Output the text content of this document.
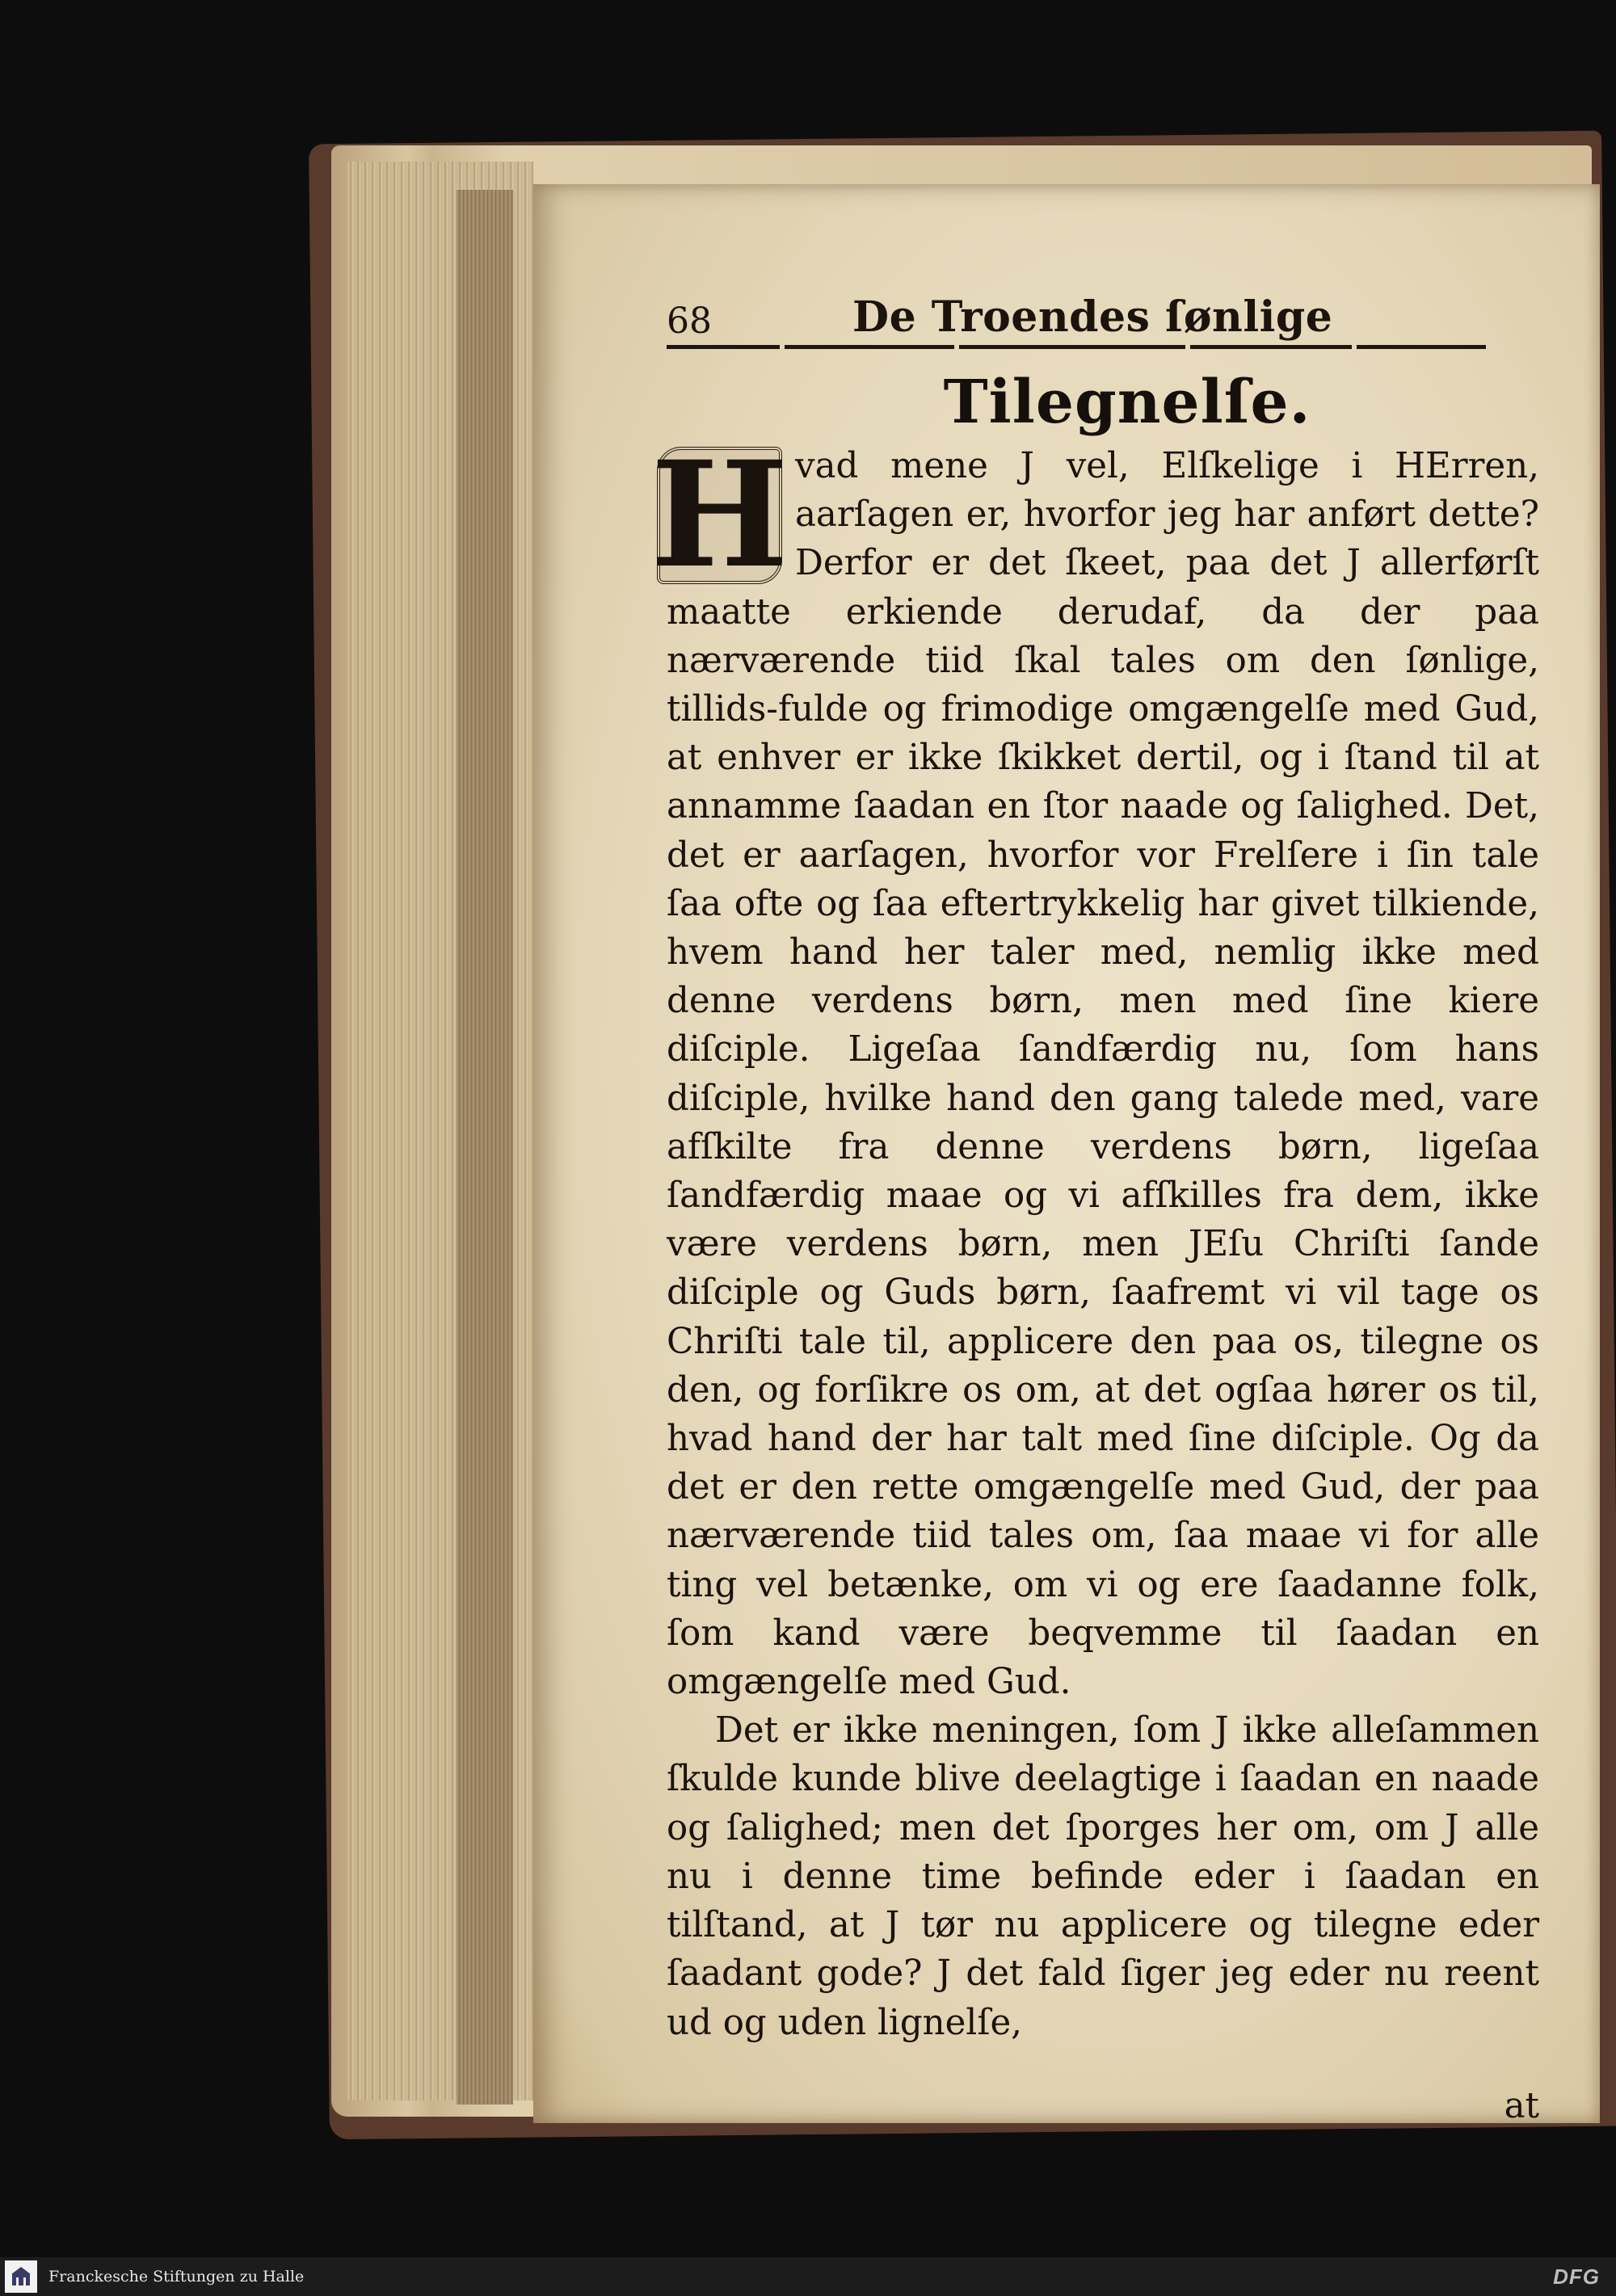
68	De Troendes ſønlige
Tilegnelſe.

H vad mene J vel, Elſkelige i HErren, aarſagen er, hvorfor jeg har anført dette? Derfor er det ſkeet, paa det J allerførſt maatte erkiende derudaf, da der paa nærværende tiid ſkal tales om den ſønlige, tillids-fulde og frimodige omgængelſe med Gud, at enhver er ikke ſkikket dertil, og i ſtand til at annamme ſaadan en ſtor naade og ſalighed. Det, det er aarſagen, hvorfor vor Frelſere i ſin tale ſaa ofte og ſaa eftertrykkelig har givet tilkiende, hvem hand her taler med, nemlig ikke med denne verdens børn, men med ſine kiere diſciple. Ligeſaa ſandfærdig nu, ſom hans diſciple, hvilke hand den gang talede med, vare afſkilte fra denne verdens børn, ligeſaa ſandfærdig maae og vi afſkilles fra dem, ikke være verdens børn, men JEſu Chriſti ſande diſciple og Guds børn, ſaafremt vi vil tage os Chriſti tale til, applicere den paa os, tilegne os den, og forſikre os om, at det ogſaa hører os til, hvad hand der har talt med ſine diſciple. Og da det er den rette omgængelſe med Gud, der paa nærværende tiid tales om, ſaa maae vi for alle ting vel betænke, om vi og ere ſaadanne folk, ſom kand være beqvemme til ſaadan en omgængelſe med Gud.

Det er ikke meningen, ſom J ikke alleſammen ſkulde kunde blive deelagtige i ſaadan en naade og ſalighed; men det ſporges her om, om J alle nu i denne time befinde eder i ſaadan en tilſtand, at J tør nu applicere og tilegne eder ſaadant gode? J det fald ſiger jeg eder nu reent ud og uden lignelſe,

at
Franckesche Stiftungen zu Halle	DFG
